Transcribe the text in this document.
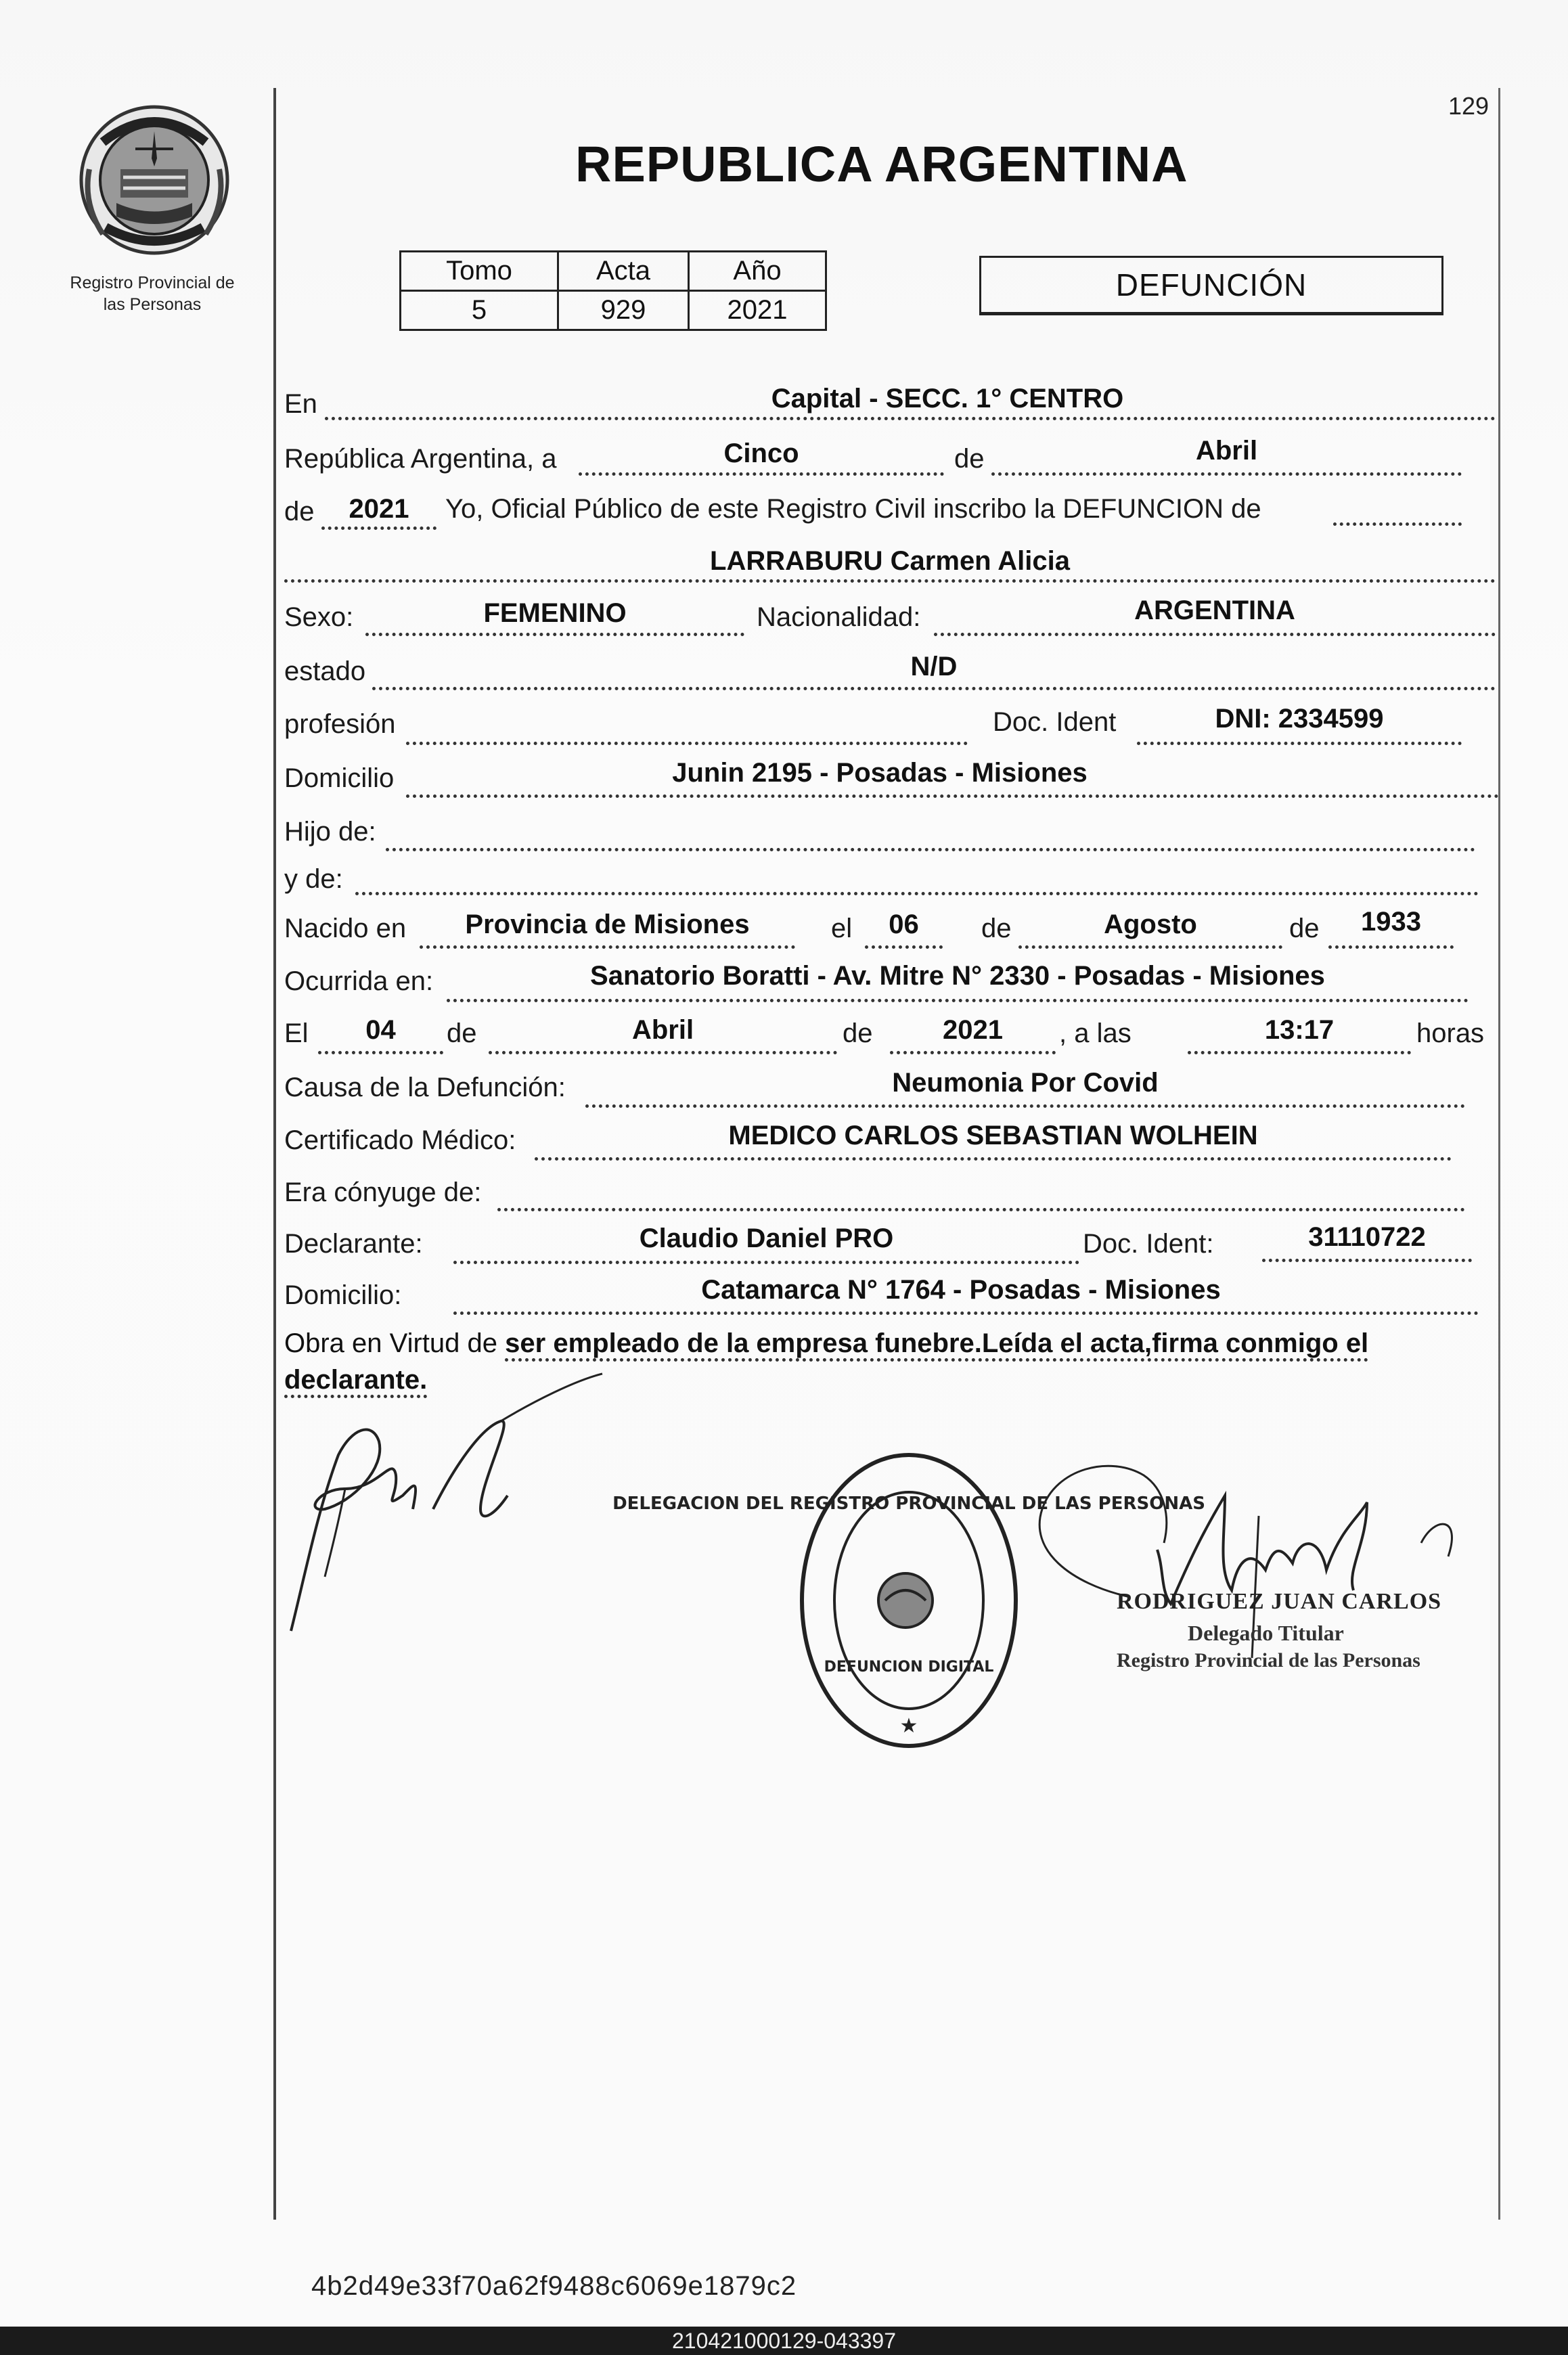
Registro Provincial de
las Personas
129
REPUBLICA ARGENTINA
Tomo	Acta	Año
5	929	2021
DEFUNCIÓN
En	Capital - SECC. 1° CENTRO
República Argentina, a	Cinco	de	Abril
de	2021	Yo, Oficial Público de este Registro Civil inscribo la DEFUNCION de
LARRABURU Carmen Alicia
Sexo:	FEMENINO	Nacionalidad:	ARGENTINA
estado	N/D
profesión	Doc. Ident	DNI: 2334599
Domicilio	Junin 2195 - Posadas - Misiones
Hijo de:
y de:
Nacido en	Provincia de Misiones	el	06	de	Agosto	de	1933
Ocurrida en:	Sanatorio Boratti - Av. Mitre N° 2330 - Posadas - Misiones
El	04	de	Abril	de	2021	, a las	13:17	horas
Causa de la Defunción:	Neumonia Por Covid
Certificado Médico:	MEDICO CARLOS SEBASTIAN WOLHEIN
Era cónyuge de:
Declarante:	Claudio Daniel PRO	Doc. Ident:	31110722
Domicilio:	Catamarca N° 1764 - Posadas - Misiones
Obra en Virtud de ser empleado de la empresa funebre.Leída el acta,firma conmigo el declarante.
DELEGACION DEL REGISTRO PROVINCIAL DE LAS PERSONAS
DEFUNCION DIGITAL
★
RODRIGUEZ JUAN CARLOS
Delegado Titular
Registro Provincial de las Personas
4b2d49e33f70a62f9488c6069e1879c2
210421000129-043397
